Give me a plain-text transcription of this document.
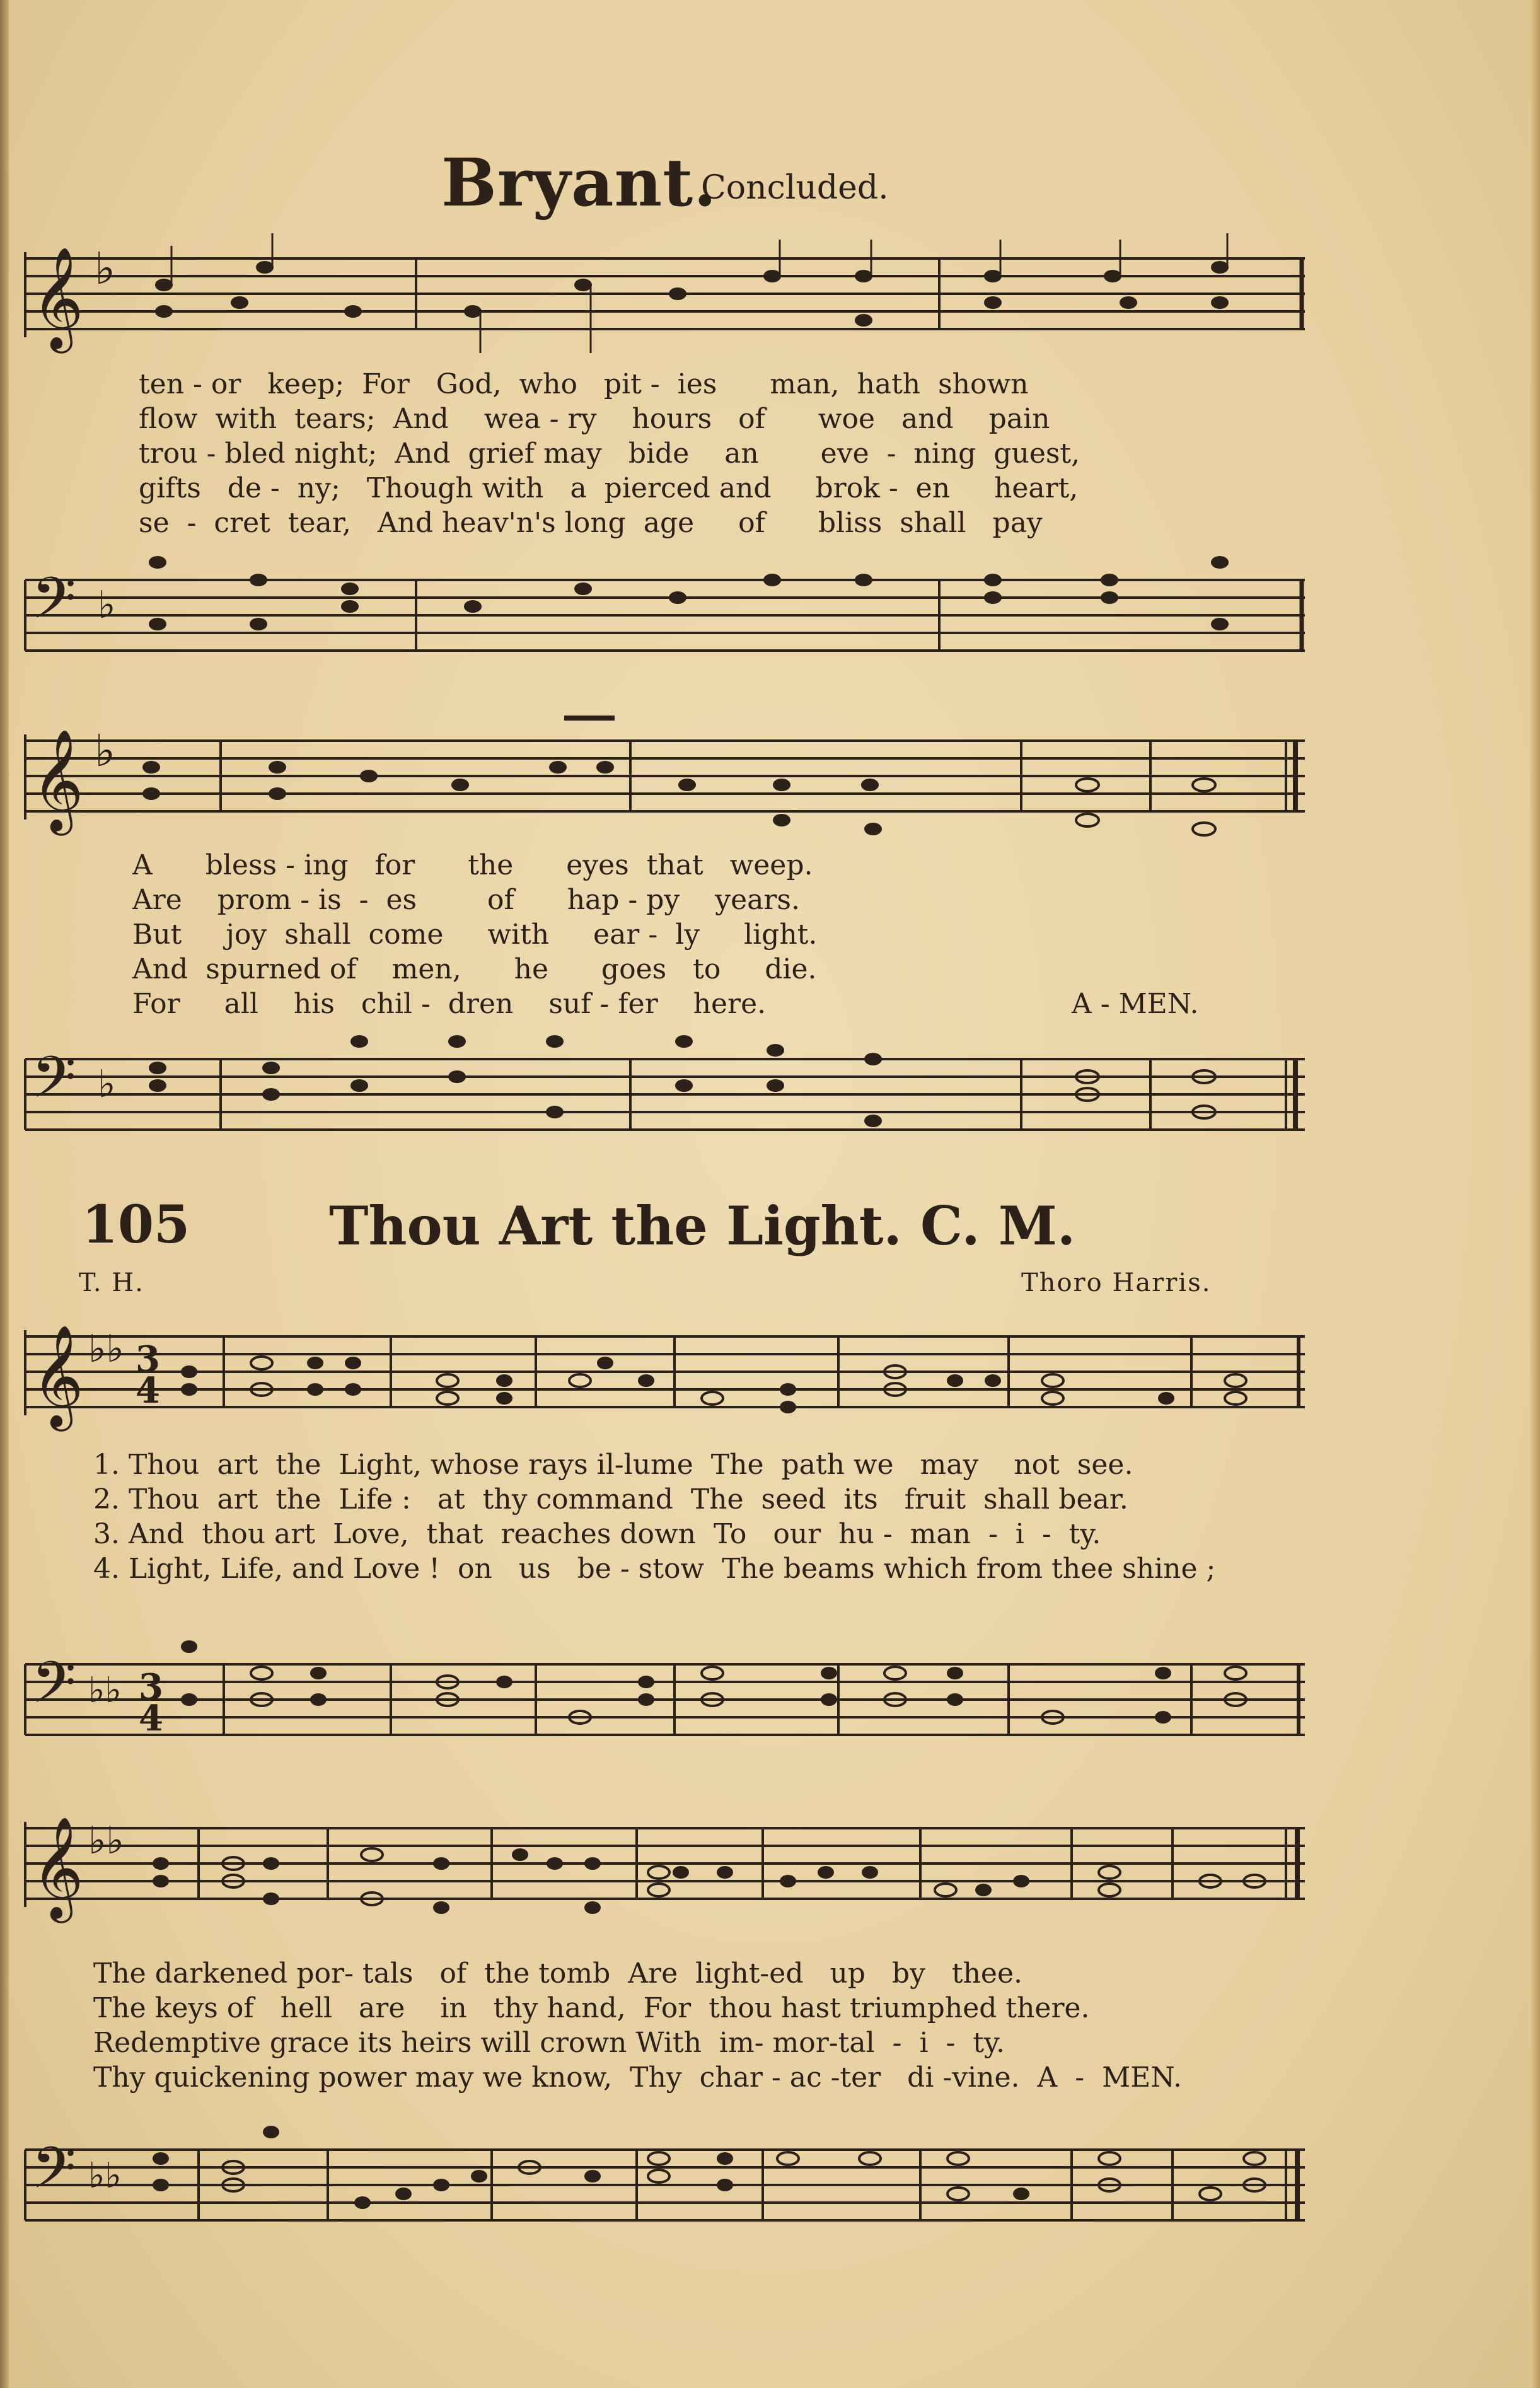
Bryant.
Concluded.
𝄞 ♭
ten - or   keep;  For   God,  who   pit -  ies      man,  hath  shown
flow  with  tears;  And    wea - ry    hours   of      woe   and    pain
trou - bled night;  And  grief may   bide    an       eve  -  ning  guest,
gifts   de -  ny;   Though with   a  pierced and     brok -  en     heart,
se  -  cret  tear,   And heav'n's long  age     of      bliss  shall   pay
𝄢 ♭
𝄞 ♭
A      bless - ing   for      the      eyes  that   weep.
Are    prom - is  -  es        of      hap - py    years.
But     joy  shall  come     with     ear -  ly     light.
And  spurned of    men,      he      goes   to     die.
For     all    his   chil -  dren    suf - fer    here.	A - MEN.
𝄢 ♭
105	Thou Art the Light. C. M.
T. H.	Thoro Harris.
𝄞 ♭♭ 3
4
1. Thou  art  the  Light, whose rays il-lume  The  path we   may    not  see.
2. Thou  art  the  Life :   at  thy command  The  seed  its   fruit  shall bear.
3. And  thou art  Love,  that  reaches down  To   our  hu -  man  -  i  -  ty.
4. Light, Life, and Love !  on   us   be - stow  The beams which from thee shine ;
𝄢 ♭♭ 3
4
𝄞 ♭♭
The darkened por- tals   of  the tomb  Are  light-ed   up   by   thee.
The keys of   hell   are    in   thy hand,  For  thou hast triumphed there.
Redemptive grace its heirs will crown With  im- mor-tal  -  i  -  ty.
Thy quickening power may we know,  Thy  char - ac -ter   di -vine.  A  -  MEN.
𝄢 ♭♭
